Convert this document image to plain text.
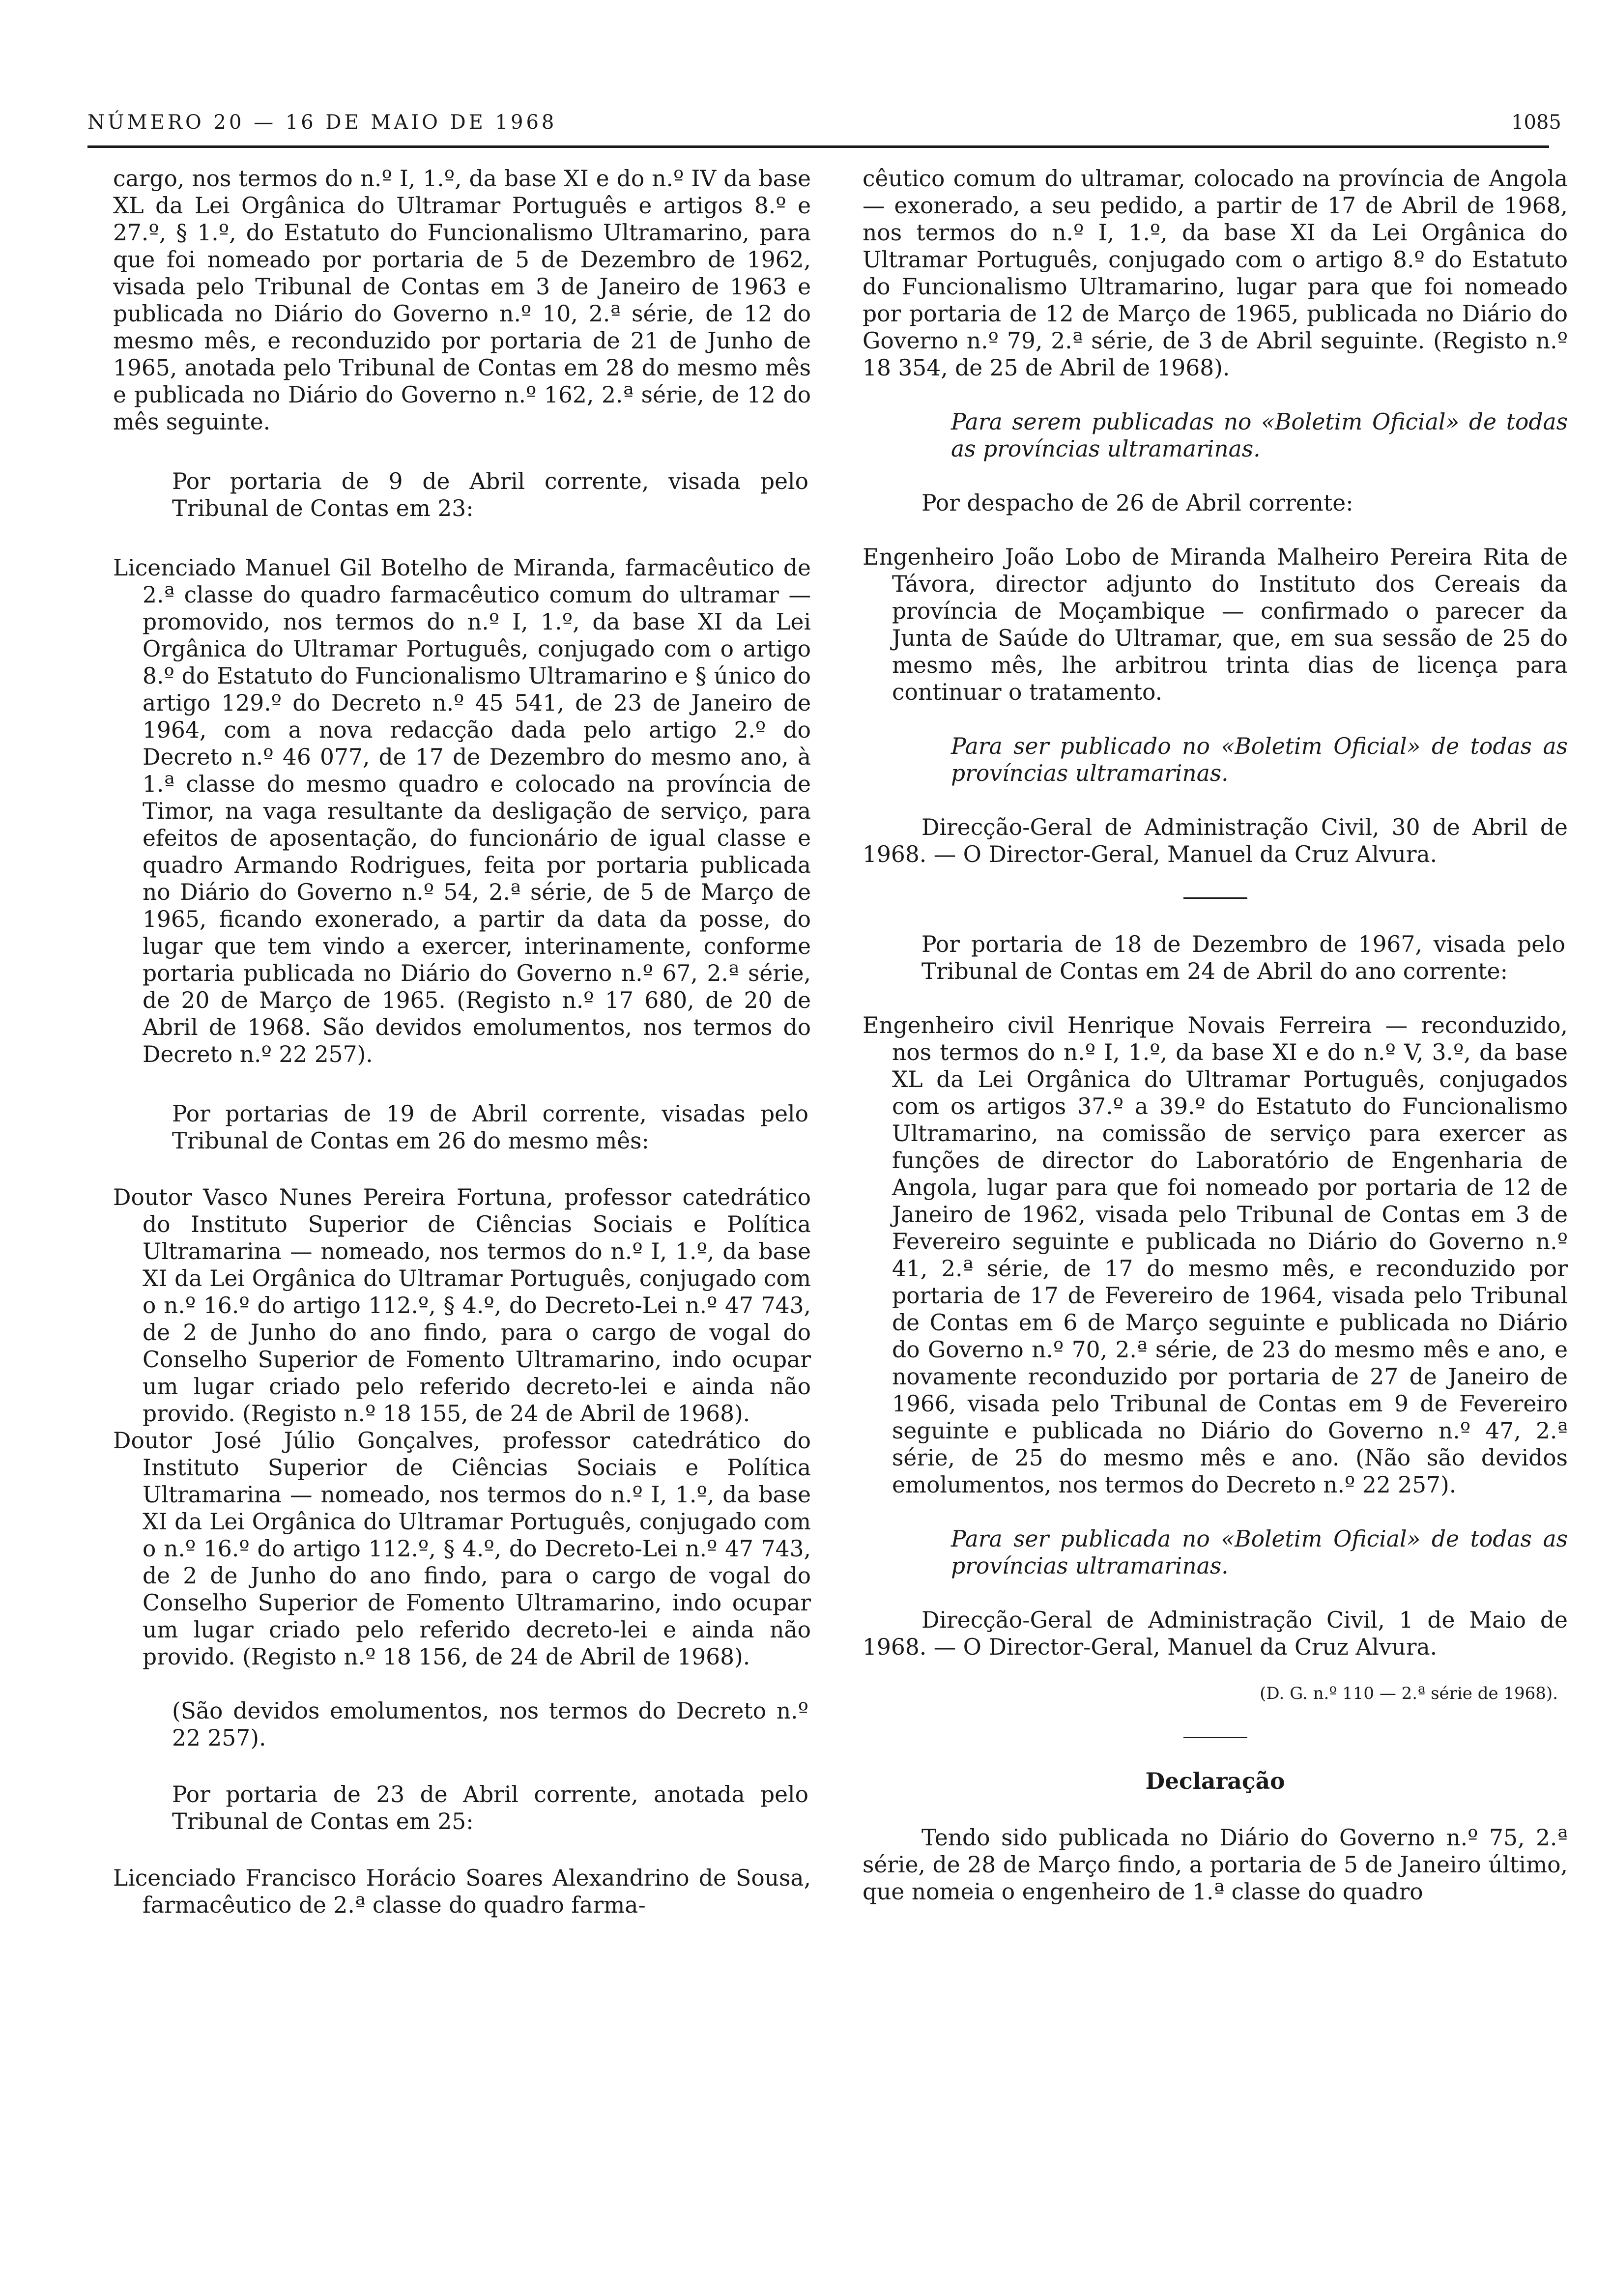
NÚMERO 20 — 16 DE MAIO DE 1968	1085

cargo, nos termos do n.º I, 1.º, da base XI e do n.º IV da base XL da Lei Orgânica do Ultramar Português e artigos 8.º e 27.º, § 1.º, do Estatuto do Funcionalismo Ultramarino, para que foi nomeado por portaria de 5 de Dezembro de 1962, visada pelo Tribunal de Contas em 3 de Janeiro de 1963 e publicada no Diário do Governo n.º 10, 2.ª série, de 12 do mesmo mês, e reconduzido por portaria de 21 de Junho de 1965, anotada pelo Tribunal de Contas em 28 do mesmo mês e publicada no Diário do Governo n.º 162, 2.ª série, de 12 do mês seguinte.

Por portaria de 9 de Abril corrente, visada pelo Tribunal de Contas em 23:

Licenciado Manuel Gil Botelho de Miranda, farmacêutico de 2.ª classe do quadro farmacêutico comum do ultramar — promovido, nos termos do n.º I, 1.º, da base XI da Lei Orgânica do Ultramar Português, conjugado com o artigo 8.º do Estatuto do Funcionalismo Ultramarino e § único do artigo 129.º do Decreto n.º 45 541, de 23 de Janeiro de 1964, com a nova redacção dada pelo artigo 2.º do Decreto n.º 46 077, de 17 de Dezembro do mesmo ano, à 1.ª classe do mesmo quadro e colocado na província de Timor, na vaga resultante da desligação de serviço, para efeitos de aposentação, do funcionário de igual classe e quadro Armando Rodrigues, feita por portaria publicada no Diário do Governo n.º 54, 2.ª série, de 5 de Março de 1965, ficando exonerado, a partir da data da posse, do lugar que tem vindo a exercer, interinamente, conforme portaria publicada no Diário do Governo n.º 67, 2.ª série, de 20 de Março de 1965. (Registo n.º 17 680, de 20 de Abril de 1968. São devidos emolumentos, nos termos do Decreto n.º 22 257).

Por portarias de 19 de Abril corrente, visadas pelo Tribunal de Contas em 26 do mesmo mês:

Doutor Vasco Nunes Pereira Fortuna, professor catedrático do Instituto Superior de Ciências Sociais e Política Ultramarina — nomeado, nos termos do n.º I, 1.º, da base XI da Lei Orgânica do Ultramar Português, conjugado com o n.º 16.º do artigo 112.º, § 4.º, do Decreto-Lei n.º 47 743, de 2 de Junho do ano findo, para o cargo de vogal do Conselho Superior de Fomento Ultramarino, indo ocupar um lugar criado pelo referido decreto-lei e ainda não provido. (Registo n.º 18 155, de 24 de Abril de 1968).

Doutor José Júlio Gonçalves, professor catedrático do Instituto Superior de Ciências Sociais e Política Ultramarina — nomeado, nos termos do n.º I, 1.º, da base XI da Lei Orgânica do Ultramar Português, conjugado com o n.º 16.º do artigo 112.º, § 4.º, do Decreto-Lei n.º 47 743, de 2 de Junho do ano findo, para o cargo de vogal do Conselho Superior de Fomento Ultramarino, indo ocupar um lugar criado pelo referido decreto-lei e ainda não provido. (Registo n.º 18 156, de 24 de Abril de 1968).

(São devidos emolumentos, nos termos do Decreto n.º 22 257).

Por portaria de 23 de Abril corrente, anotada pelo Tribunal de Contas em 25:

Licenciado Francisco Horácio Soares Alexandrino de Sousa, farmacêutico de 2.ª classe do quadro farma-

cêutico comum do ultramar, colocado na província de Angola — exonerado, a seu pedido, a partir de 17 de Abril de 1968, nos termos do n.º I, 1.º, da base XI da Lei Orgânica do Ultramar Português, conjugado com o artigo 8.º do Estatuto do Funcionalismo Ultramarino, lugar para que foi nomeado por portaria de 12 de Março de 1965, publicada no Diário do Governo n.º 79, 2.ª série, de 3 de Abril seguinte. (Registo n.º 18 354, de 25 de Abril de 1968).

Para serem publicadas no «Boletim Oficial» de todas as províncias ultramarinas.

Por despacho de 26 de Abril corrente:

Engenheiro João Lobo de Miranda Malheiro Pereira Rita de Távora, director adjunto do Instituto dos Cereais da província de Moçambique — confirmado o parecer da Junta de Saúde do Ultramar, que, em sua sessão de 25 do mesmo mês, lhe arbitrou trinta dias de licença para continuar o tratamento.

Para ser publicado no «Boletim Oficial» de todas as províncias ultramarinas.

Direcção-Geral de Administração Civil, 30 de Abril de 1968. — O Director-Geral, Manuel da Cruz Alvura.

Por portaria de 18 de Dezembro de 1967, visada pelo Tribunal de Contas em 24 de Abril do ano corrente:

Engenheiro civil Henrique Novais Ferreira — reconduzido, nos termos do n.º I, 1.º, da base XI e do n.º V, 3.º, da base XL da Lei Orgânica do Ultramar Português, conjugados com os artigos 37.º a 39.º do Estatuto do Funcionalismo Ultramarino, na comissão de serviço para exercer as funções de director do Laboratório de Engenharia de Angola, lugar para que foi nomeado por portaria de 12 de Janeiro de 1962, visada pelo Tribunal de Contas em 3 de Fevereiro seguinte e publicada no Diário do Governo n.º 41, 2.ª série, de 17 do mesmo mês, e reconduzido por portaria de 17 de Fevereiro de 1964, visada pelo Tribunal de Contas em 6 de Março seguinte e publicada no Diário do Governo n.º 70, 2.ª série, de 23 do mesmo mês e ano, e novamente reconduzido por portaria de 27 de Janeiro de 1966, visada pelo Tribunal de Contas em 9 de Fevereiro seguinte e publicada no Diário do Governo n.º 47, 2.ª série, de 25 do mesmo mês e ano. (Não são devidos emolumentos, nos termos do Decreto n.º 22 257).

Para ser publicada no «Boletim Oficial» de todas as províncias ultramarinas.

Direcção-Geral de Administração Civil, 1 de Maio de 1968. — O Director-Geral, Manuel da Cruz Alvura.

(D. G. n.º 110 — 2.ª série de 1968).

Declaração

Tendo sido publicada no Diário do Governo n.º 75, 2.ª série, de 28 de Março findo, a portaria de 5 de Janeiro último, que nomeia o engenheiro de 1.ª classe do quadro
